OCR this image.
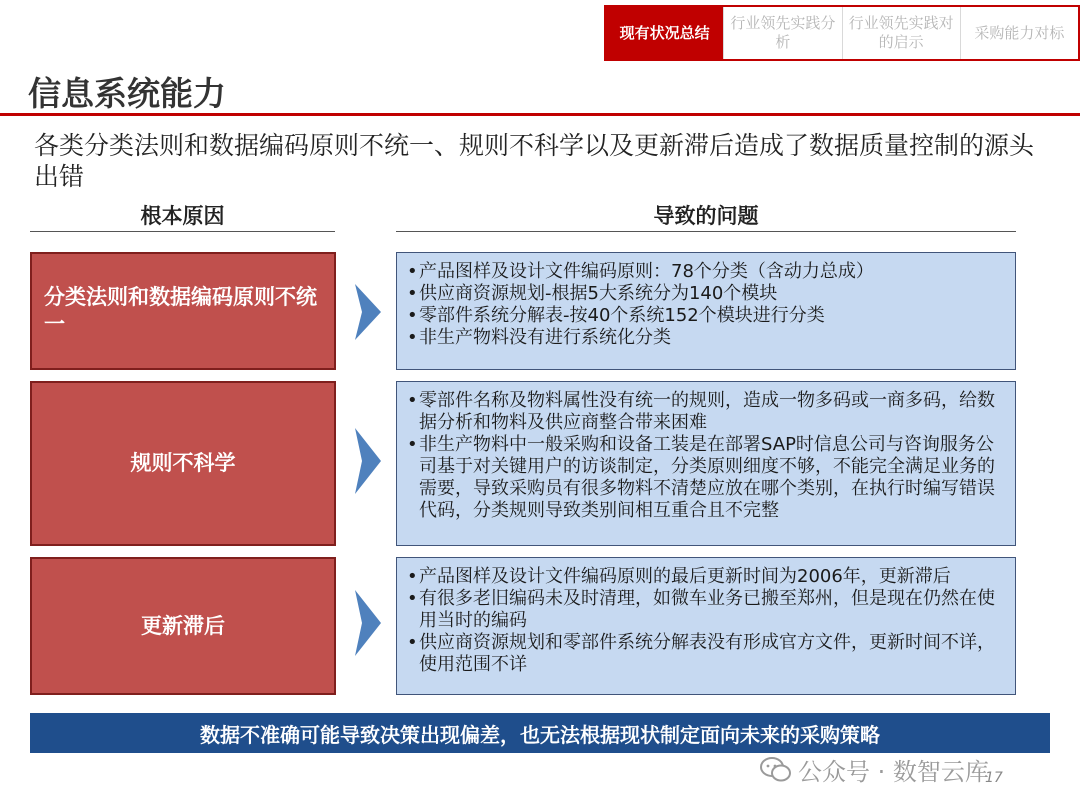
现有状况总结
行业领先实践分析
行业领先实践对的启示
采购能力对标
信息系统能力
各类分类法则和数据编码原则不统一、规则不科学以及更新滞后造成了数据质量控制的源头出错
根本原因	导致的问题
分类法则和数据编码原则不统一
• 产品图样及设计文件编码原则：78个分类（含动力总成）
• 供应商资源规划-根据5大系统分为140个模块
• 零部件系统分解表-按40个系统152个模块进行分类
• 非生产物料没有进行系统化分类
规则不科学
• 零部件名称及物料属性没有统一的规则，造成一物多码或一商多码，给数据分析和物料及供应商整合带来困难
• 非生产物料中一般采购和设备工装是在部署SAP时信息公司与咨询服务公司基于对关键用户的访谈制定，分类原则细度不够，不能完全满足业务的需要，导致采购员有很多物料不清楚应放在哪个类别，在执行时编写错误代码，分类规则导致类别间相互重合且不完整
更新滞后
• 产品图样及设计文件编码原则的最后更新时间为2006年，更新滞后
• 有很多老旧编码未及时清理，如微车业务已搬至郑州，但是现在仍然在使用当时的编码
• 供应商资源规划和零部件系统分解表没有形成官方文件，更新时间不详，使用范围不详
数据不准确可能导致决策出现偏差，也无法根据现状制定面向未来的采购策略
公众号 · 数智云库
17
